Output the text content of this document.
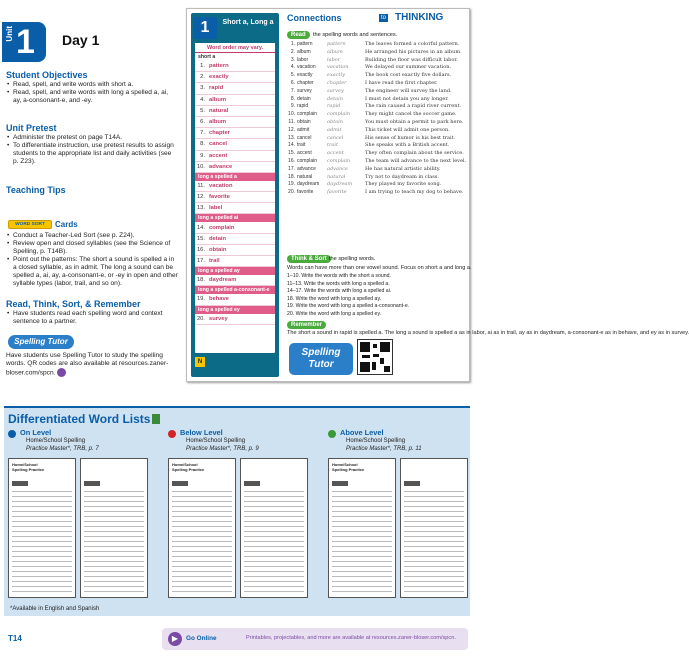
Unit 1 Day 1
Student Objectives
• Read, spell, and write words with short a.
• Read, spell, and write words with long a spelled a, ai, ay, a-consonant-e, and -ey.
Unit Pretest
• Administer the pretest on page T14A.
• To differentiate instruction, use pretest results to assign students to the appropriate list and daily activities (see p. Z23).
Teaching Tips
WORD SORT	Cards
• Conduct a Teacher-Led Sort (see p. Z24).
• Review open and closed syllables (see the Science of Spelling, p. T14B).
• Point out the patterns: The short a sound is spelled a in a closed syllable, as in admit. The long a sound can be spelled a, ai, ay, a-consonant-e, or -ey in open and other syllable types (labor, trail, and so on).
Read, Think, Sort, & Remember
• Have students read each spelling word and context sentence to a partner.
Spelling Tutor
Have students use Spelling Tutor to study the spelling words. QR codes are also available at resources.zaner-bloser.com/spcn.
1	Short a, Long a
Word order may vary.
short a
1. pattern
2. exactly
3. rapid
4. album
5. natural
6. album
7. chapter
8. cancel
9. accent
10. advance
long a spelled a
11. vacation
12. favorite
13. label
long a spelled ai
14. complain
15. detain
16. obtain
17. trail
long a spelled ay
18. daydream
long a spelled a-consonant-e
19. behave
long a spelled ey
20. survey
N
Connections	to THINKING
Read	the spelling words and sentences.
1. pattern	pattern	The leaves formed a colorful pattern.
2. album	album	He arranged his pictures in an album.
3. labor	labor	Building the floor was difficult labor.
4. vacation	vacation	We delayed our summer vacation.
5. exactly	exactly	The book cost exactly five dollars.
6. chapter	chapter	I have read the first chapter.
7. survey	survey	The engineer will survey the land.
8. detain	detain	I must not detain you any longer.
9. rapid	rapid	The rain caused a rapid river current.
10. complain	complain	They might cancel the soccer game.
11. obtain	obtain	You must obtain a permit to park here.
12. admit	admit	This ticket will admit one person.
13. cancel	cancel	His sense of humor is his best trait.
14. trait	trait	She speaks with a British accent.
15. accent	accent	They often complain about the service.
16. complain	complain	The team will advance to the next level.
17. advance	advance	He has natural artistic ability.
18. natural	natural	Try not to daydream in class.
19. daydream	daydream	They played my favorite song.
20. favorite	favorite	I am trying to teach my dog to behave.
Think & Sort the spelling words.
Words can have more than one vowel sound. Focus on short a and long a.
1–10. Write the words with the short a sound.
11–13. Write the words with long a spelled a.
14–17. Write the words with long a spelled ai.
18. Write the word with long a spelled ay.
19. Write the word with long a spelled a-consonant-e.
20. Write the word with long a spelled ey.
Remember
The short a sound in rapid is spelled a. The long a sound is spelled a as in labor, ai as in trail, ay as in daydream, a-consonant-e as in behave, and ey as in survey.
Spelling Tutor
Differentiated Word Lists
On Level
Home/School Spelling
Practice Master*, TRB, p. 7
Home/School Spelling Practice
Below Level
Home/School Spelling
Practice Master*, TRB, p. 9
Home/School Spelling Practice
Above Level
Home/School Spelling
Practice Master*, TRB, p. 11
Home/School Spelling Practice
*Available in English and Spanish
T14	▶	Go Online	Printables, projectables, and more are available at resources.zaner-bloser.com/spcn.
